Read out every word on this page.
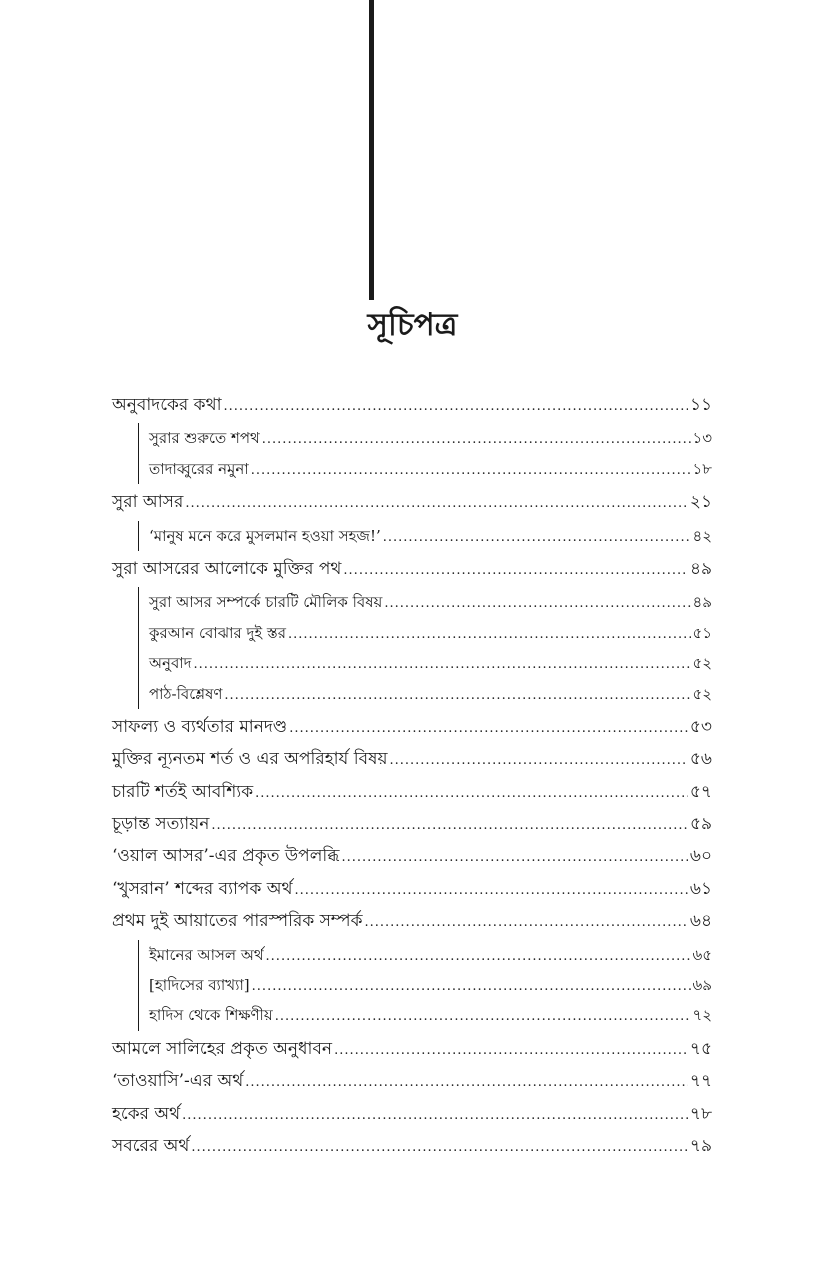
সূচিপত্র
অনুবাদকের কথা .....	১১
সুরার শুরুতে শপথ .....	১৩
তাদাব্বুরের নমুনা .....	১৮
সুরা আসর .....	২১
‘মানুষ মনে করে মুসলমান হওয়া সহজ!’ .....	৪২
সুরা আসরের আলোকে মুক্তির পথ .....	৪৯
সুরা আসর সম্পর্কে চারটি মৌলিক বিষয় .....	৪৯
কুরআন বোঝার দুই স্তর .....	৫১
অনুবাদ .....	৫২
পাঠ-বিশ্লেষণ .....	৫২
সাফল্য ও ব্যর্থতার মানদণ্ড .....	৫৩
মুক্তির ন্যূনতম শর্ত ও এর অপরিহার্য বিষয় .....	৫৬
চারটি শর্তই আবশ্যিক .....	৫৭
চূড়ান্ত সত্যায়ন .....	৫৯
‘ওয়াল আসর’-এর প্রকৃত উপলব্ধি .....	৬০
‘খুসরান’ শব্দের ব্যাপক অর্থ .....	৬১
প্রথম দুই আয়াতের পারস্পরিক সম্পর্ক .....	৬৪
ইমানের আসল অর্থ .....	৬৫
[হাদিসের ব্যাখ্যা] .....	৬৯
হাদিস থেকে শিক্ষণীয় .....	৭২
আমলে সালিহের প্রকৃত অনুধাবন .....	৭৫
‘তাওয়াসি’-এর অর্থ .....	৭৭
হকের অর্থ .....	৭৮
সবরের অর্থ .....	৭৯
